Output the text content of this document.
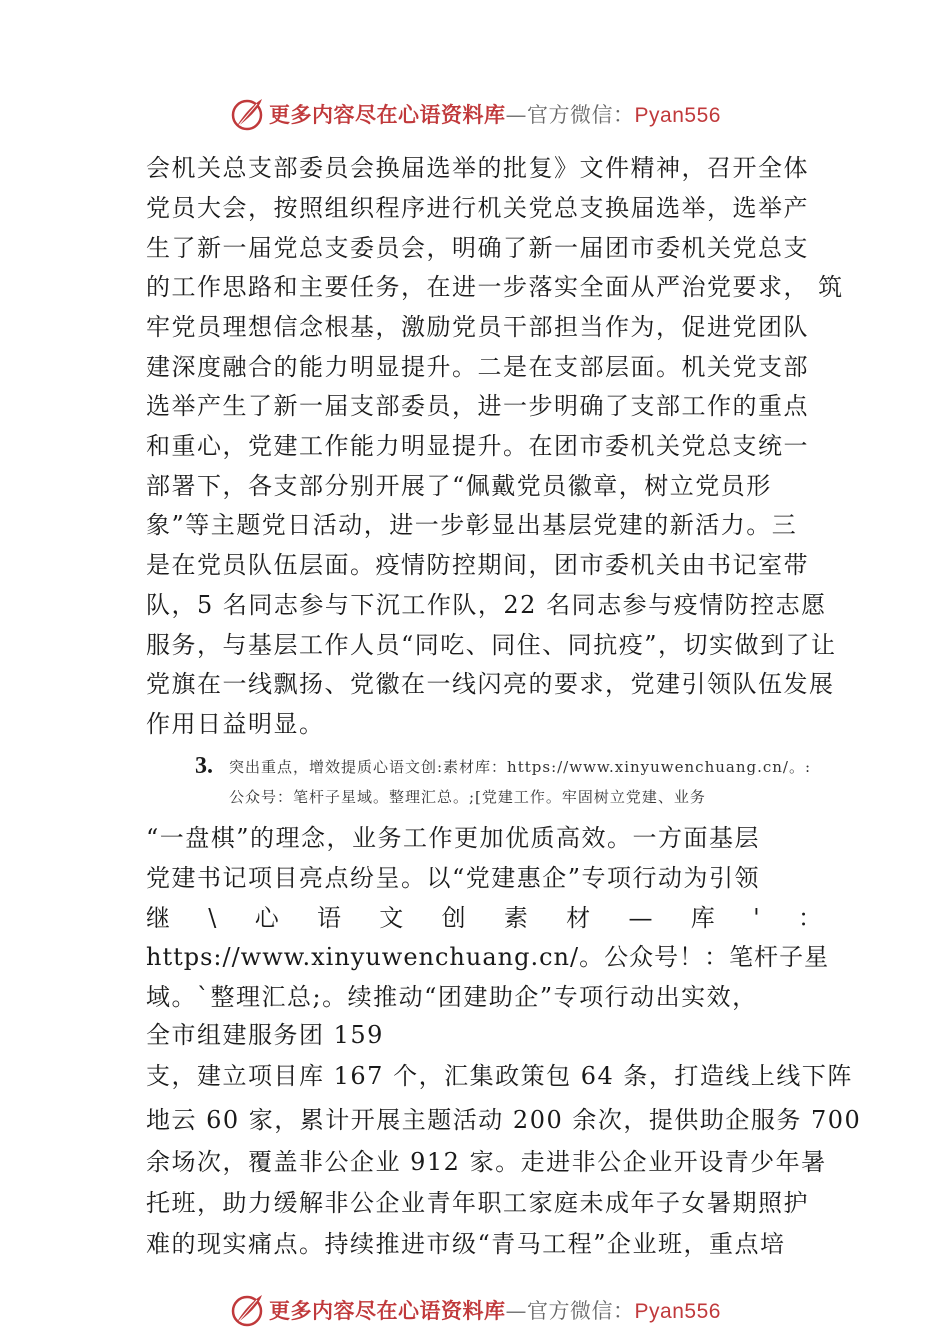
更多内容尽在心语资料库—官方微信：Pyan556
会机关总支部委员会换届选举的批复》文件精神，召开全体
党员大会，按照组织程序进行机关党总支换届选举，选举产
生了新一届党总支委员会，明确了新一届团市委机关党总支
的工作思路和主要任务，在进一步落实全面从严治党要求， 筑
牢党员理想信念根基，激励党员干部担当作为，促进党团队
建深度融合的能力明显提升。二是在支部层面。机关党支部
选举产生了新一届支部委员，进一步明确了支部工作的重点
和重心，党建工作能力明显提升。在团市委机关党总支统一
部署下，各支部分别开展了“佩戴党员徽章，树立党员形
象”等主题党日活动，进一步彰显出基层党建的新活力。三
是在党员队伍层面。疫情防控期间，团市委机关由书记室带
队，5 名同志参与下沉工作队，22 名同志参与疫情防控志愿
服务，与基层工作人员“同吃、同住、同抗疫”，切实做到了让
党旗在一线飘扬、党徽在一线闪亮的要求，党建引领队伍发展
作用日益明显。
3. 突出重点，增效提质心语文创:素材库：https://www.xinyuwenchuang.cn/。:
公众号：笔杆子星域。整理汇总。;[党建工作。牢固树立党建、业务
“一盘棋”的理念，业务工作更加优质高效。一方面基层
党建书记项目亮点纷呈。以“党建惠企”专项行动为引领
继 \ 心 语 文 创 素 材 — 库 ' ：
https://www.xinyuwenchuang.cn/。公众号！：笔杆子星
域。`整理汇总;。续推动“团建助企”专项行动出实效，
全市组建服务团 159
支，建立项目库 167 个，汇集政策包 64 条，打造线上线下阵
地云 60 家，累计开展主题活动 200 余次，提供助企服务 700
余场次，覆盖非公企业 912 家。走进非公企业开设青少年暑
托班，助力缓解非公企业青年职工家庭未成年子女暑期照护
难的现实痛点。持续推进市级“青马工程”企业班，重点培
更多内容尽在心语资料库—官方微信：Pyan556
